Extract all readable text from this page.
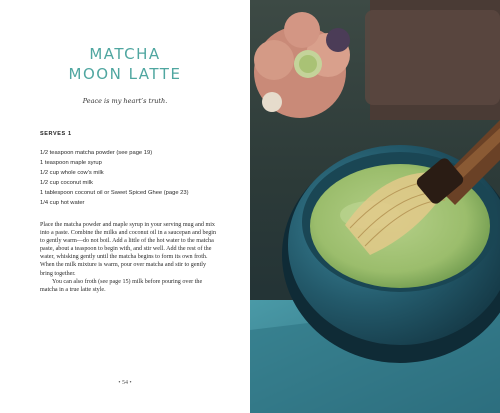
MATCHA
MOON LATTE
Peace is my heart’s truth.
SERVES 1
1/2 teaspoon matcha powder (see page 19)
1 teaspoon maple syrup
1/2 cup whole cow’s milk
1/2 cup coconut milk
1 tablespoon coconut oil or Sweet Spiced Ghee (page 23)
1/4 cup hot water

Place the matcha powder and maple syrup in your serving mug and mix into a paste. Combine the milks and coconut oil in a saucepan and begin to gently warm—do not boil. Add a little of the hot water to the matcha paste, about a teaspoon to begin with, and stir well. Add the rest of the water, whisking gently until the matcha begins to form its own froth. When the milk mixture is warm, pour over matcha and stir to gently bring together.

You can also froth (see page 15) milk before pouring over the matcha in a true latte style.

• 54 •
